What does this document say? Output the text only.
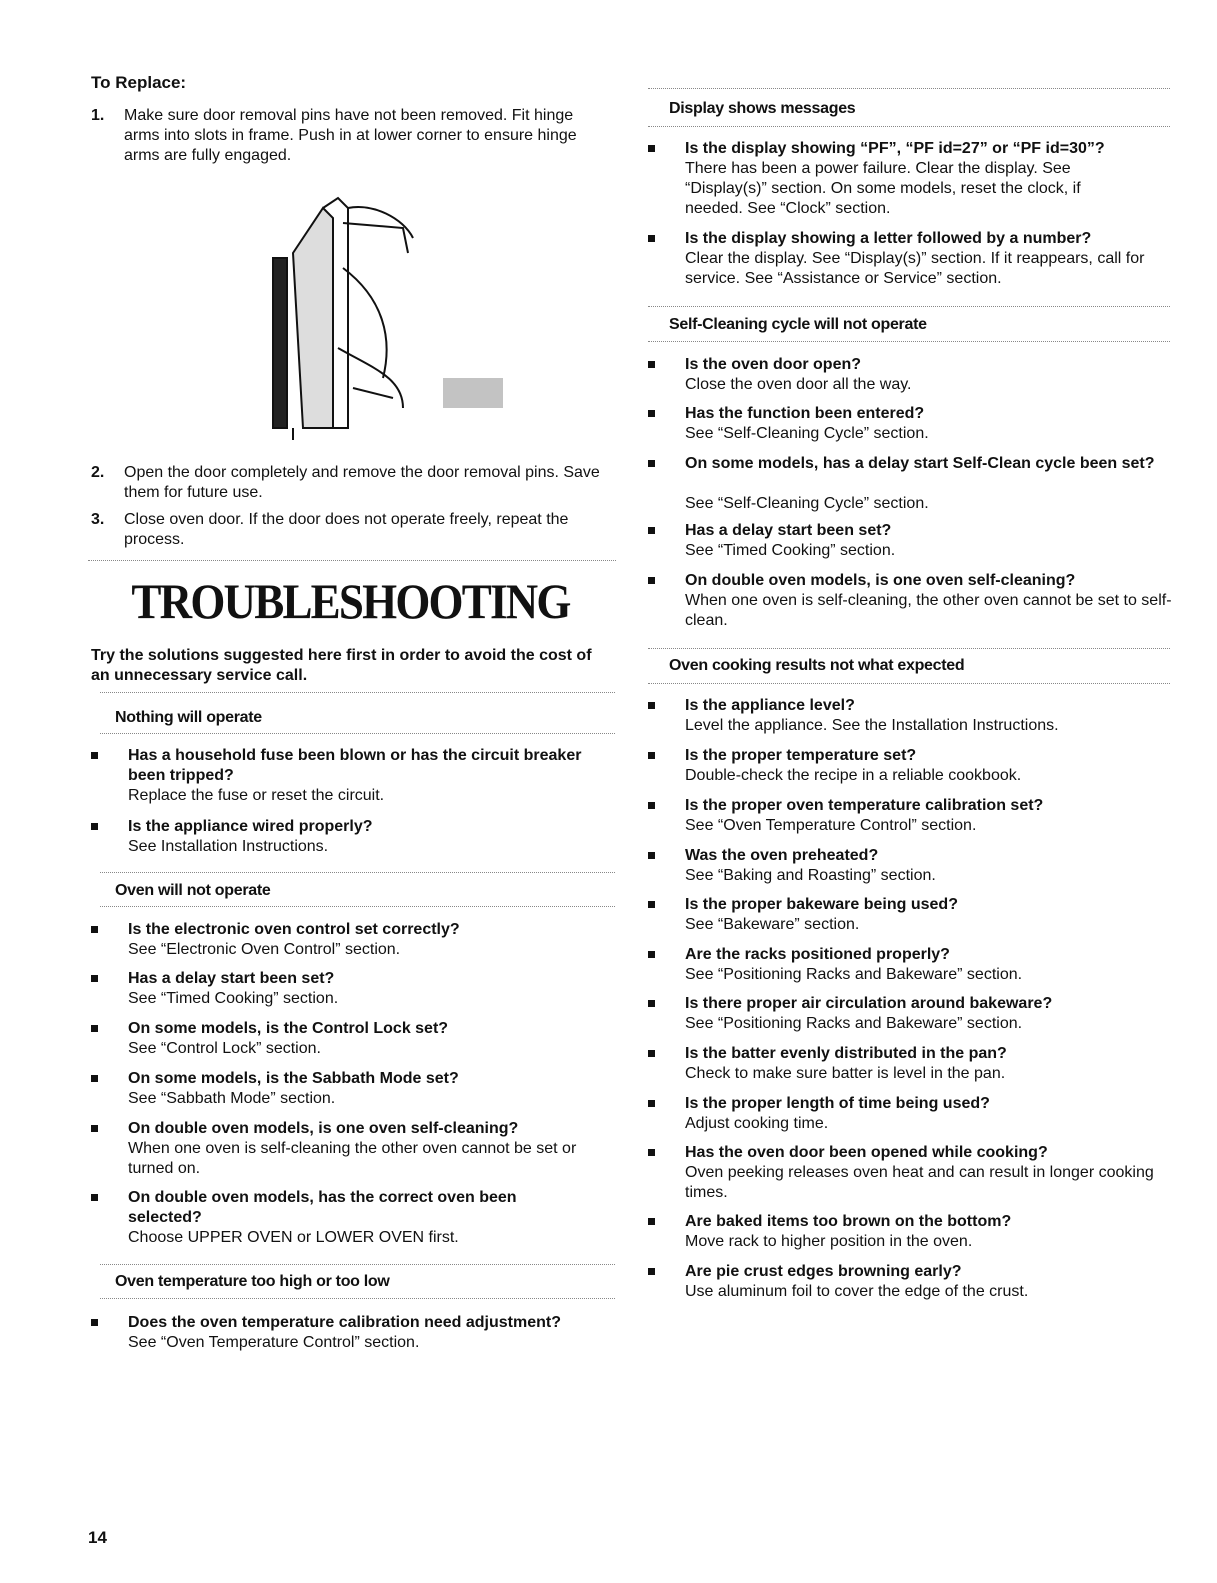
To Replace:
1.	Make sure door removal pins have not been removed. Fit hinge arms into slots in frame. Push in at lower corner to ensure hinge arms are fully engaged.
2.	Open the door completely and remove the door removal pins. Save them for future use.
3.	Close oven door. If the door does not operate freely, repeat the process.
TROUBLESHOOTING
Try the solutions suggested here first in order to avoid the cost of an unnecessary service call.
Nothing will operate
Has a household fuse been blown or has the circuit breaker been tripped?
Replace the fuse or reset the circuit.
Is the appliance wired properly?
See Installation Instructions.
Oven will not operate
Is the electronic oven control set correctly?
See “Electronic Oven Control” section.
Has a delay start been set?
See “Timed Cooking” section.
On some models, is the Control Lock set?
See “Control Lock” section.
On some models, is the Sabbath Mode set?
See “Sabbath Mode” section.
On double oven models, is one oven self-cleaning?
When one oven is self-cleaning the other oven cannot be set or turned on.
On double oven models, has the correct oven been selected?
Choose UPPER OVEN or LOWER OVEN first.
Oven temperature too high or too low
Does the oven temperature calibration need adjustment?
See “Oven Temperature Control” section.
Display shows messages
Is the display showing “PF”, “PF id=27” or “PF id=30”?
There has been a power failure. Clear the display. See “Display(s)” section. On some models, reset the clock, if needed. See “Clock” section.
Is the display showing a letter followed by a number?
Clear the display. See “Display(s)” section. If it reappears, call for service. See “Assistance or Service” section.
Self-Cleaning cycle will not operate
Is the oven door open?
Close the oven door all the way.
Has the function been entered?
See “Self-Cleaning Cycle” section.
On some models, has a delay start Self-Clean cycle been set?
See “Self-Cleaning Cycle” section.
Has a delay start been set?
See “Timed Cooking” section.
On double oven models, is one oven self-cleaning?
When one oven is self-cleaning, the other oven cannot be set to self-clean.
Oven cooking results not what expected
Is the appliance level?
Level the appliance. See the Installation Instructions.
Is the proper temperature set?
Double-check the recipe in a reliable cookbook.
Is the proper oven temperature calibration set?
See “Oven Temperature Control” section.
Was the oven preheated?
See “Baking and Roasting” section.
Is the proper bakeware being used?
See “Bakeware” section.
Are the racks positioned properly?
See “Positioning Racks and Bakeware” section.
Is there proper air circulation around bakeware?
See “Positioning Racks and Bakeware” section.
Is the batter evenly distributed in the pan?
Check to make sure batter is level in the pan.
Is the proper length of time being used?
Adjust cooking time.
Has the oven door been opened while cooking?
Oven peeking releases oven heat and can result in longer cooking times.
Are baked items too brown on the bottom?
Move rack to higher position in the oven.
Are pie crust edges browning early?
Use aluminum foil to cover the edge of the crust.
14
